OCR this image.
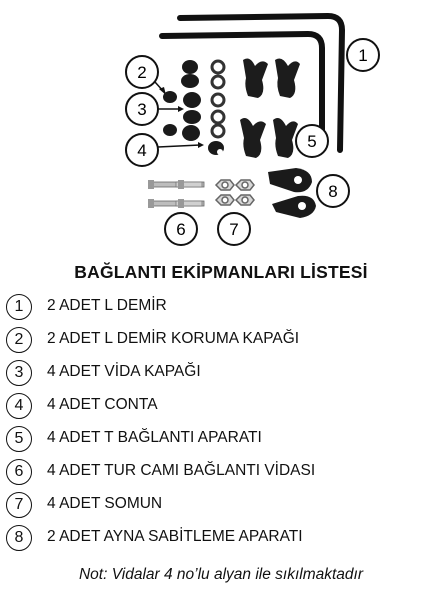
1
2
3
4	5
8
6	7
BAĞLANTI EKİPMANLARI LİSTESİ
1	2 ADET L DEMİR
2	2 ADET L DEMİR KORUMA KAPAĞI
3	4 ADET VİDA KAPAĞI
4	4 ADET CONTA
5	4 ADET T BAĞLANTI APARATI
6	4 ADET TUR CAMI BAĞLANTI VİDASI
7	4 ADET SOMUN
8	2 ADET AYNA SABİTLEME APARATI
Not: Vidalar 4 no’lu alyan ile sıkılmaktadır
